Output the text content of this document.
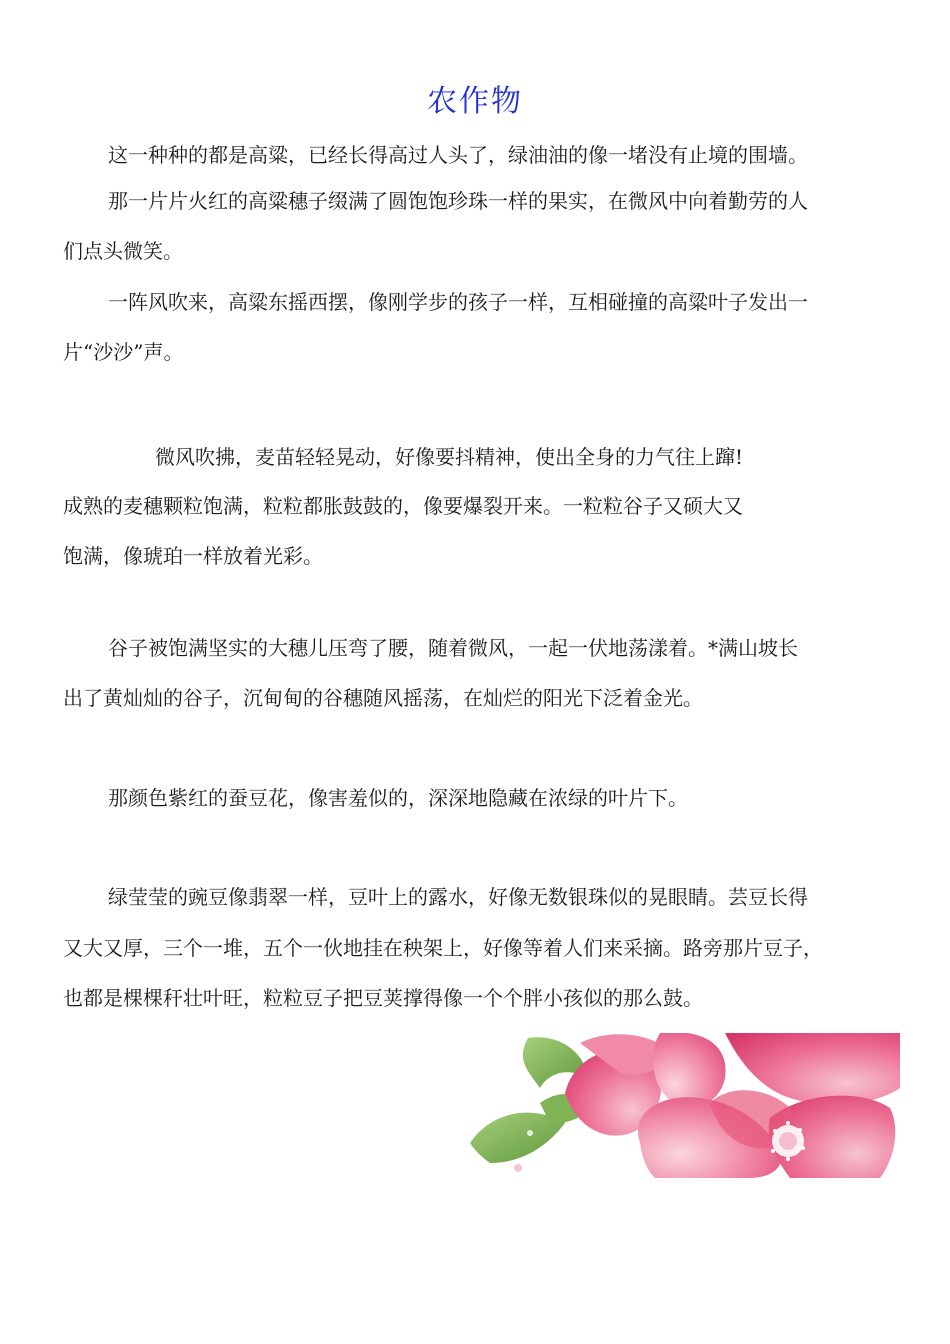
农作物
这一种种的都是高粱，已经长得高过人头了，绿油油的像一堵没有止境的围墙。
那一片片火红的高粱穗子缀满了圆饱饱珍珠一样的果实，在微风中向着勤劳的人
们点头微笑。
一阵风吹来，高粱东摇西摆，像刚学步的孩子一样，互相碰撞的高粱叶子发出一
片“沙沙”声。
微风吹拂，麦苗轻轻晃动，好像要抖精神，使出全身的力气往上蹿!
成熟的麦穗颗粒饱满，粒粒都胀鼓鼓的，像要爆裂开来。一粒粒谷子又硕大又
饱满，像琥珀一样放着光彩。
谷子被饱满坚实的大穗儿压弯了腰，随着微风，一起一伏地荡漾着。*满山坡长
出了黄灿灿的谷子，沉甸甸的谷穗随风摇荡，在灿烂的阳光下泛着金光。
那颜色紫红的蚕豆花，像害羞似的，深深地隐藏在浓绿的叶片下。
绿莹莹的豌豆像翡翠一样，豆叶上的露水，好像无数银珠似的晃眼睛。芸豆长得
又大又厚，三个一堆，五个一伙地挂在秧架上，好像等着人们来采摘。路旁那片豆子，
也都是棵棵秆壮叶旺，粒粒豆子把豆荚撑得像一个个胖小孩似的那么鼓。
